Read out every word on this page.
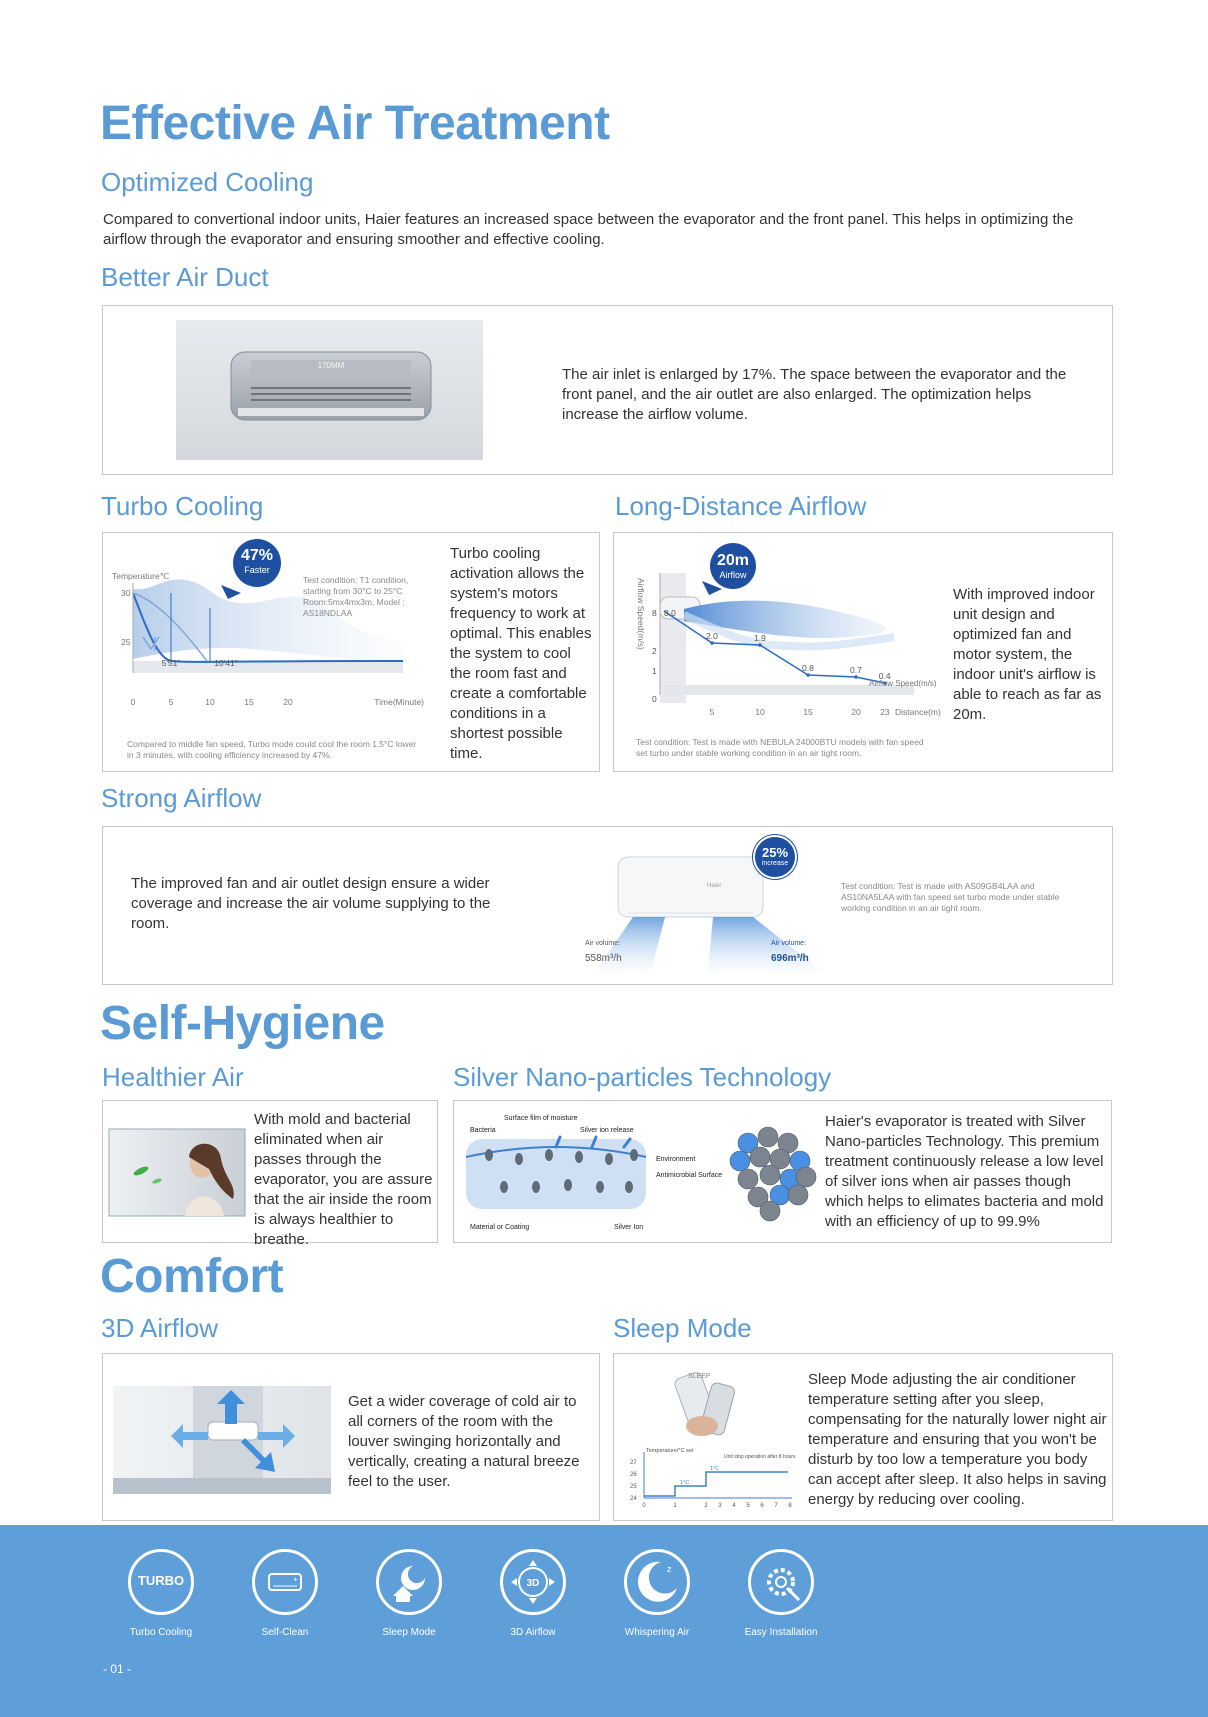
Effective Air Treatment
Optimized Cooling
Compared to convertional indoor units, Haier features an increased space between the evaporator and the front panel. This helps in optimizing the airflow through the evaporator and ensuring smoother and effective cooling.
Better Air Duct
170MM
The air inlet is enlarged by 17%. The space between the evaporator and the front panel, and the air outlet are also enlarged. The optimization helps increase the airflow volume.
Turbo Cooling
Temperature℃
30
25
5'51"	10'41"
0	5	10	15	20	Time(Minute)
47%
Faster
Test condition: T1 condition, starting from 30°C to 25°C Room:5mx4mx3m, Model : AS18NDLAA
Compared to middle fan speed, Turbo mode could cool the room 1.5°C lower in 3 minutes, with cooling efficiency increased by 47%.
Turbo cooling activation allows the system's motors frequency to work at optimal. This enables the system to cool the room fast and create a comfortable conditions in a shortest possible time.
Long-Distance Airflow
Airflow Speed(m/s) 8
2
1
0
8.0
2.0	1.9
0.8	0.7
0.4
5	10	15	20 23 Distance(m)
Airflow Speed(m/s)
20m
Airflow
Test condition: Test is made with NEBULA 24000BTU models with fan speed set turbo under stable working condition in an air tight room.
With improved indoor unit design and optimized fan and motor system, the indoor unit's airflow is able to reach as far as 20m.
Strong Airflow
The improved fan and air outlet design ensure a wider coverage and increase the air volume supplying to the room.
Haier
Air volume:
558m³/h
Air volume:
696m³/h
25%
increase
Test condition: Test is made with AS09GB4LAA and AS10NA5LAA with fan speed set turbo mode under stable working condition in an air tight room.
Self-Hygiene
Healthier Air
With mold and bacterial eliminated when air passes through the evaporator, you are assure that the air inside the room is always healthier to breathe.
Silver Nano-particles Technology
Surface film of moisture
Bacteria	Silver ion release
Environment
Antimicrobial Surface
Material or Coating	Silver Ion
Haier's evaporator is treated with Silver Nano-particles Technology. This premium treatment continuously release a low level of silver ions when air passes though which helps to elimates bacteria and mold with an efficiency of up to 99.9%
Comfort
3D Airflow
Get a wider coverage of cold air to all corners of the room with the louver swinging horizontally and vertically, creating a natural breeze feel to the user.
Sleep Mode
SLEEP
Temperature/°C set
27
26
25
24
1°C
1°C
Unit stop operation after 8 hours
0	1	2 3 4 5 6 7 8
Sleep Mode adjusting the air conditioner temperature setting after you sleep, compensating for the naturally lower night air temperature and ensuring that you won't be disturb by too low a temperature you body can accept after sleep. It also helps in saving energy by reducing over cooling.
TURBO
Turbo Cooling
+
Self-Clean	Sleep Mode
3D
3D Airflow
z
Whispering Air	Easy Installation
- 01 -
